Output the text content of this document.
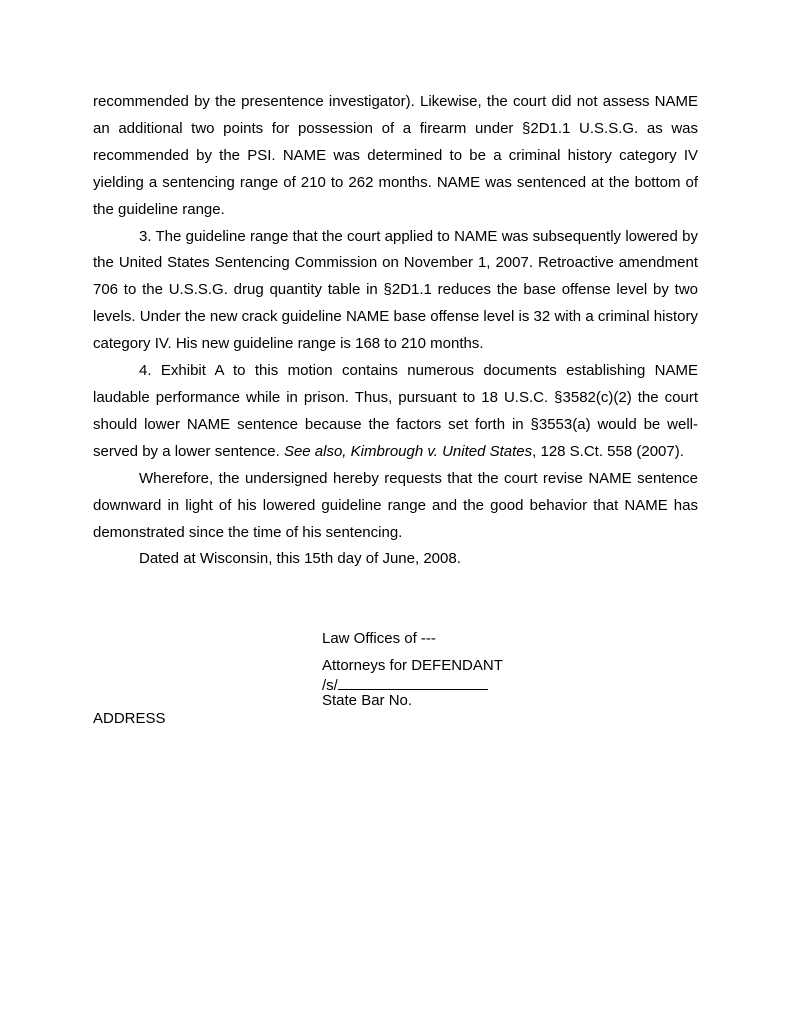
recommended by the presentence investigator). Likewise, the court did not assess NAME an additional two points for possession of a firearm under §2D1.1 U.S.S.G. as was recommended by the PSI. NAME was determined to be a criminal history category IV yielding a sentencing range of 210 to 262 months. NAME was sentenced at the bottom of the guideline range.

3. The guideline range that the court applied to NAME was subsequently lowered by the United States Sentencing Commission on November 1, 2007. Retroactive amendment 706 to the U.S.S.G. drug quantity table in §2D1.1 reduces the base offense level by two levels. Under the new crack guideline NAME base offense level is 32 with a criminal history category IV. His new guideline range is 168 to 210 months.

4. Exhibit A to this motion contains numerous documents establishing NAME laudable performance while in prison. Thus, pursuant to 18 U.S.C. §3582(c)(2) the court should lower NAME sentence because the factors set forth in §3553(a) would be well-served by a lower sentence. See also, Kimbrough v. United States, 128 S.Ct. 558 (2007).

Wherefore, the undersigned hereby requests that the court revise NAME sentence downward in light of his lowered guideline range and the good behavior that NAME has demonstrated since the time of his sentencing.

Dated at Wisconsin, this 15th day of June, 2008.

Law Offices of ---
Attorneys for DEFENDANT
/s/
State Bar No.
ADDRESS
